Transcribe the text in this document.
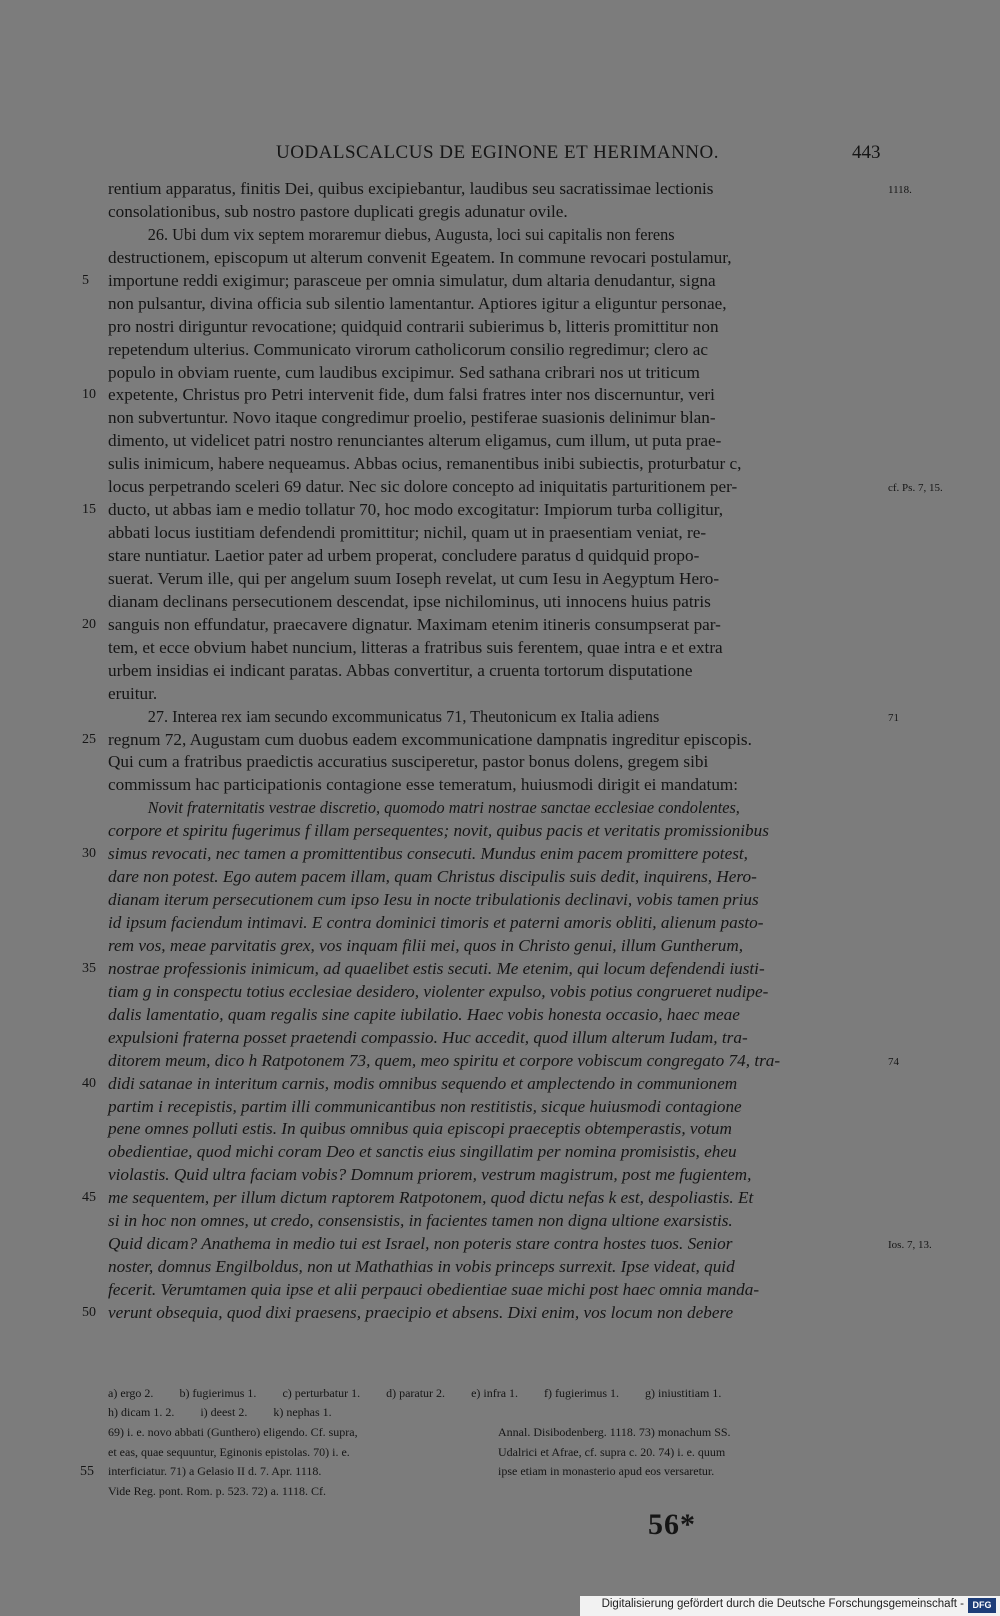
UODALSCALCUS DE EGINONE ET HERIMANNO.	443
rentium apparatus, finitis Dei, quibus excipiebantur, laudibus seu sacratissimae lectionis	1118.
consolationibus, sub nostro pastore duplicati gregis adunatur ovile.
26. Ubi dum vix septem moraremur diebus, Augusta, loci sui capitalis non ferens
destructionem, episcopum ut alterum convenit Egeatem. In commune revocari postulamur,
importune reddi exigimur; parasceue per omnia simulatur, dum altaria denudantur, signa
5
non pulsantur, divina officia sub silentio lamentantur. Aptiores igitur a eliguntur personae,
pro nostri diriguntur revocatione; quidquid contrarii subierimus b, litteris promittitur non
repetendum ulterius. Communicato virorum catholicorum consilio regredimur; clero ac
populo in obviam ruente, cum laudibus excipimur. Sed sathana cribrari nos ut triticum
expetente, Christus pro Petri intervenit fide, dum falsi fratres inter nos discernuntur, veri
10
non subvertuntur. Novo itaque congredimur proelio, pestiferae suasionis delinimur blan-
dimento, ut videlicet patri nostro renunciantes alterum eligamus, cum illum, ut puta prae-
sulis inimicum, habere nequeamus. Abbas ocius, remanentibus inibi subiectis, proturbatur c,
locus perpetrando sceleri 69 datur. Nec sic dolore concepto ad iniquitatis parturitionem per-	cf. Ps. 7, 15.
ducto, ut abbas iam e medio tollatur 70, hoc modo excogitatur: Impiorum turba colligitur,
15
abbati locus iustitiam defendendi promittitur; nichil, quam ut in praesentiam veniat, re-
stare nuntiatur. Laetior pater ad urbem properat, concludere paratus d quidquid propo-
suerat. Verum ille, qui per angelum suum Ioseph revelat, ut cum Iesu in Aegyptum Hero-
dianam declinans persecutionem descendat, ipse nichilominus, uti innocens huius patris
sanguis non effundatur, praecavere dignatur. Maximam etenim itineris consumpserat par-
20
tem, et ecce obvium habet nuncium, litteras a fratribus suis ferentem, quae intra e et extra
urbem insidias ei indicant paratas. Abbas convertitur, a cruenta tortorum disputatione
eruitur.
27. Interea rex iam secundo excommunicatus 71, Theutonicum ex Italia adiens	71
regnum 72, Augustam cum duobus eadem excommunicatione dampnatis ingreditur episcopis.
25
Qui cum a fratribus praedictis accuratius susciperetur, pastor bonus dolens, gregem sibi
commissum hac participationis contagione esse temeratum, huiusmodi dirigit ei mandatum:
Novit fraternitatis vestrae discretio, quomodo matri nostrae sanctae ecclesiae condolentes,
corpore et spiritu fugerimus f illam persequentes; novit, quibus pacis et veritatis promissionibus
simus revocati, nec tamen a promittentibus consecuti. Mundus enim pacem promittere potest,
30
dare non potest. Ego autem pacem illam, quam Christus discipulis suis dedit, inquirens, Hero-
dianam iterum persecutionem cum ipso Iesu in nocte tribulationis declinavi, vobis tamen prius
id ipsum faciendum intimavi. E contra dominici timoris et paterni amoris obliti, alienum pasto-
rem vos, meae parvitatis grex, vos inquam filii mei, quos in Christo genui, illum Guntherum,
nostrae professionis inimicum, ad quaelibet estis secuti. Me etenim, qui locum defendendi iusti-
35
tiam g in conspectu totius ecclesiae desidero, violenter expulso, vobis potius congrueret nudipe-
dalis lamentatio, quam regalis sine capite iubilatio. Haec vobis honesta occasio, haec meae
expulsioni fraterna posset praetendi compassio. Huc accedit, quod illum alterum Iudam, tra-
ditorem meum, dico h Ratpotonem 73, quem, meo spiritu et corpore vobiscum congregato 74, tra-	74
didi satanae in interitum carnis, modis omnibus sequendo et amplectendo in communionem
40
partim i recepistis, partim illi communicantibus non restitistis, sicque huiusmodi contagione
pene omnes polluti estis. In quibus omnibus quia episcopi praeceptis obtemperastis, votum
obedientiae, quod michi coram Deo et sanctis eius singillatim per nomina promisistis, eheu
violastis. Quid ultra faciam vobis? Domnum priorem, vestrum magistrum, post me fugientem,
me sequentem, per illum dictum raptorem Ratpotonem, quod dictu nefas k est, despoliastis. Et
45
si in hoc non omnes, ut credo, consensistis, in facientes tamen non digna ultione exarsistis.
Quid dicam? Anathema in medio tui est Israel, non poteris stare contra hostes tuos. Senior	Ios. 7, 13.
noster, domnus Engilboldus, non ut Mathathias in vobis princeps surrexit. Ipse videat, quid
fecerit. Verumtamen quia ipse et alii perpauci obedientiae suae michi post haec omnia manda-
verunt obsequia, quod dixi praesens, praecipio et absens. Dixi enim, vos locum non debere
50
a) ergo 2. b) fugierimus 1. c) perturbatur 1. d) paratur 2. e) infra 1. f) fugierimus 1. g) iniustitiam 1.
h) dicam 1. 2. i) deest 2. k) nephas 1.
69) i. e. novo abbati (Gunthero) eligendo. Cf. supra,
et eas, quae sequuntur, Eginonis epistolas. 70) i. e.
interficiatur. 71) a Gelasio II d. 7. Apr. 1118.
55
Vide Reg. pont. Rom. p. 523. 72) a. 1118. Cf.
Annal. Disibodenberg. 1118. 73) monachum SS.
Udalrici et Afrae, cf. supra c. 20. 74) i. e. quum
ipse etiam in monasterio apud eos versaretur.
56*
Digitalisierung gefördert durch die Deutsche Forschungsgemeinschaft - DFG
